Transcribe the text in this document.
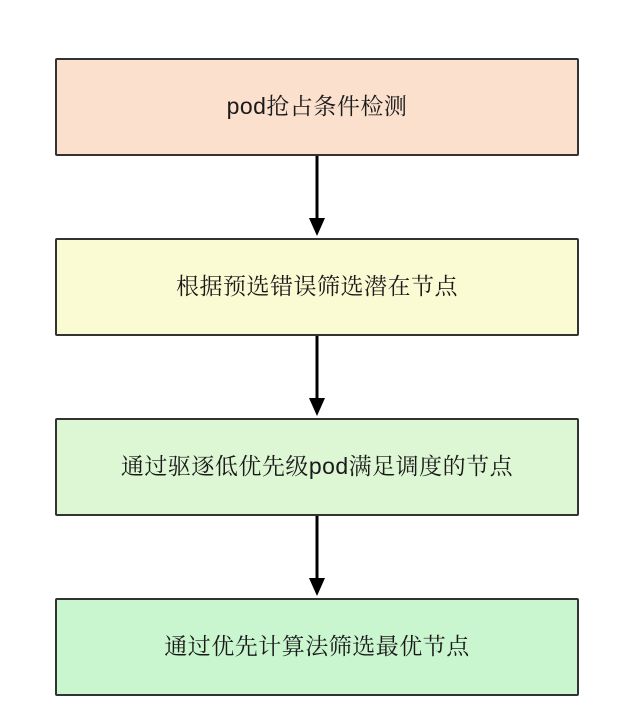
pod抢占条件检测
根据预选错误筛选潜在节点
通过驱逐低优先级pod满足调度的节点
通过优先计算法筛选最优节点
